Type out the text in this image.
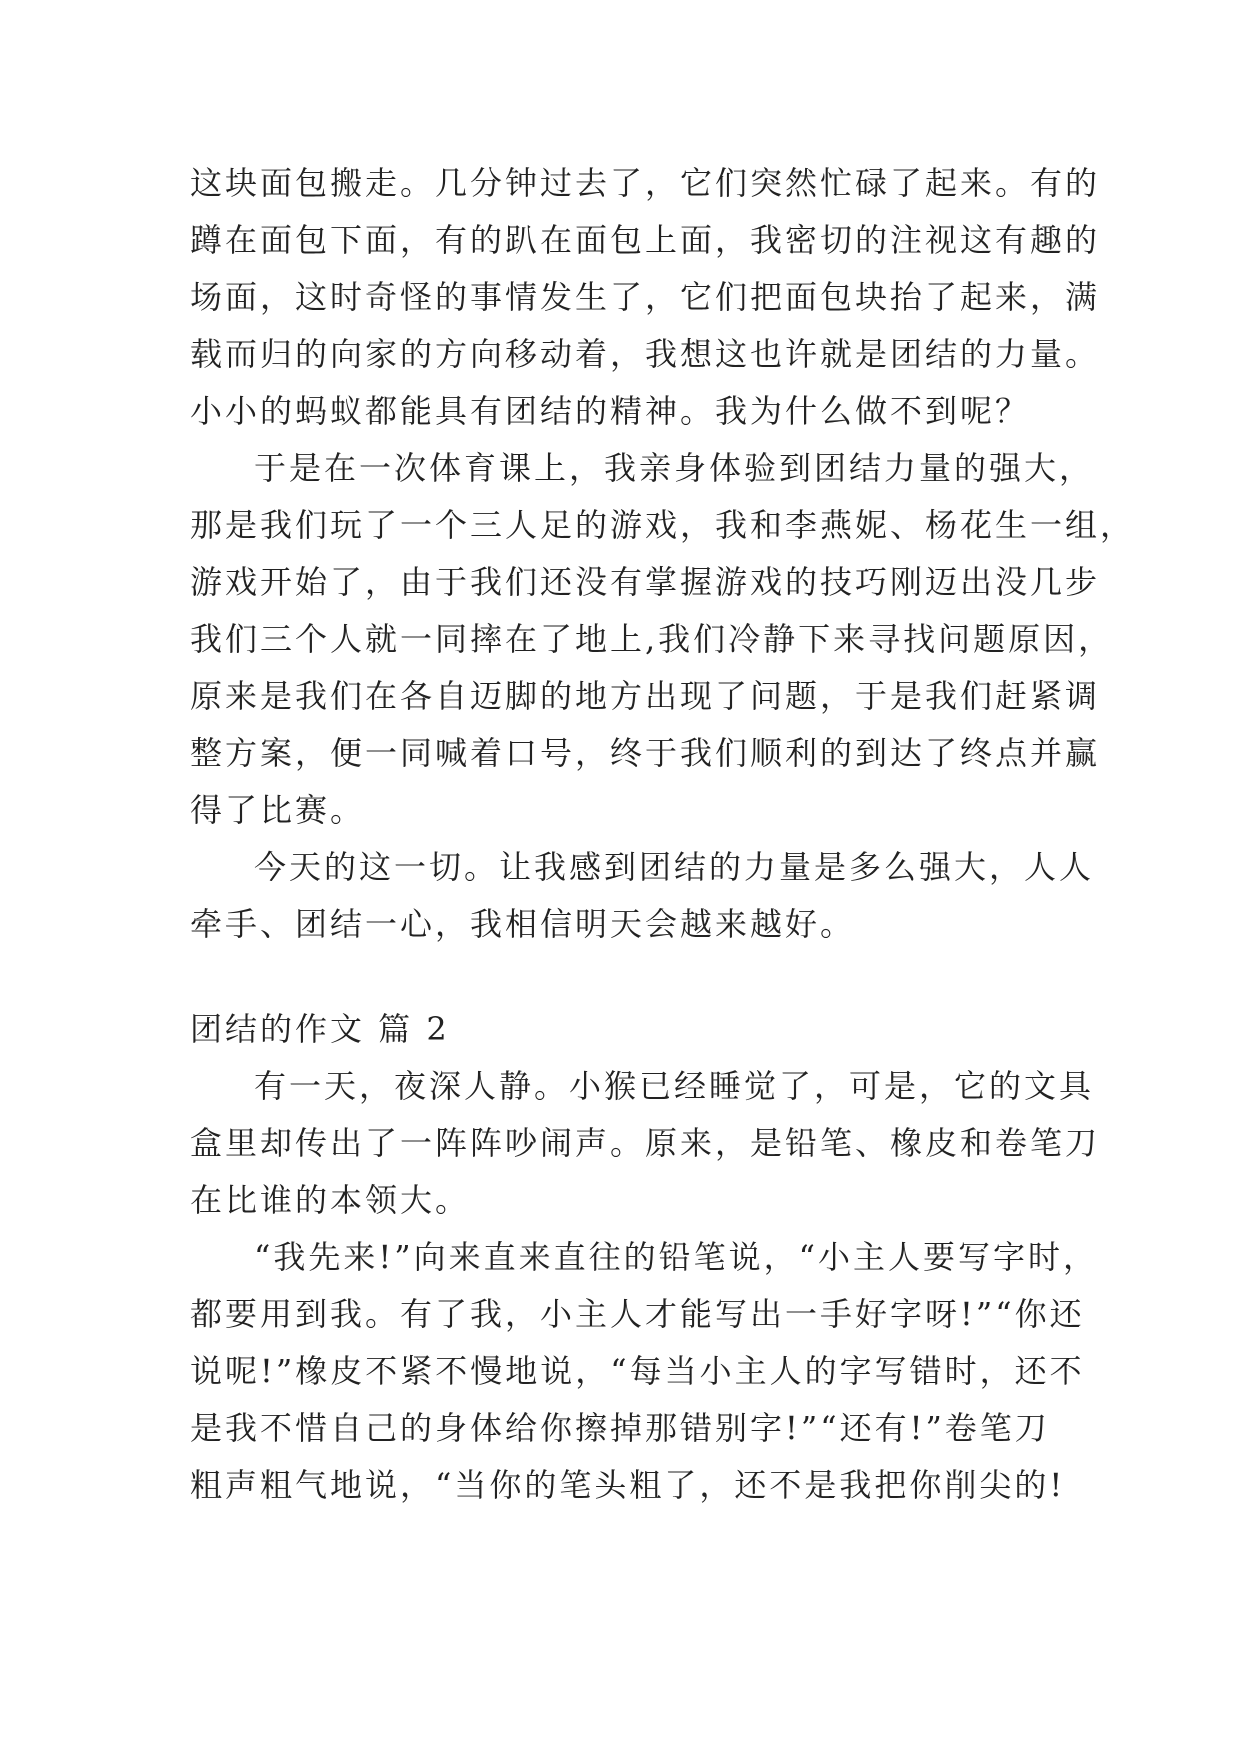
这块面包搬走。几分钟过去了，它们突然忙碌了起来。有的
蹲在面包下面，有的趴在面包上面，我密切的注视这有趣的
场面，这时奇怪的事情发生了，它们把面包块抬了起来，满
载而归的向家的方向移动着，我想这也许就是团结的力量。
小小的蚂蚁都能具有团结的精神。我为什么做不到呢？

于是在一次体育课上，我亲身体验到团结力量的强大，
那是我们玩了一个三人足的游戏，我和李燕妮、杨花生一组，
游戏开始了，由于我们还没有掌握游戏的技巧刚迈出没几步
我们三个人就一同摔在了地上,我们冷静下来寻找问题原因，
原来是我们在各自迈脚的地方出现了问题，于是我们赶紧调
整方案，便一同喊着口号，终于我们顺利的到达了终点并赢
得了比赛。

今天的这一切。让我感到团结的力量是多么强大，人人
牵手、团结一心，我相信明天会越来越好。

团结的作文 篇 2

有一天，夜深人静。小猴已经睡觉了，可是，它的文具
盒里却传出了一阵阵吵闹声。原来，是铅笔、橡皮和卷笔刀
在比谁的本领大。

“我先来!”向来直来直往的铅笔说，“小主人要写字时，
都要用到我。有了我，小主人才能写出一手好字呀!”“你还
说呢!”橡皮不紧不慢地说，“每当小主人的字写错时，还不
是我不惜自己的身体给你擦掉那错别字!”“还有!”卷笔刀
粗声粗气地说，“当你的笔头粗了，还不是我把你削尖的!
